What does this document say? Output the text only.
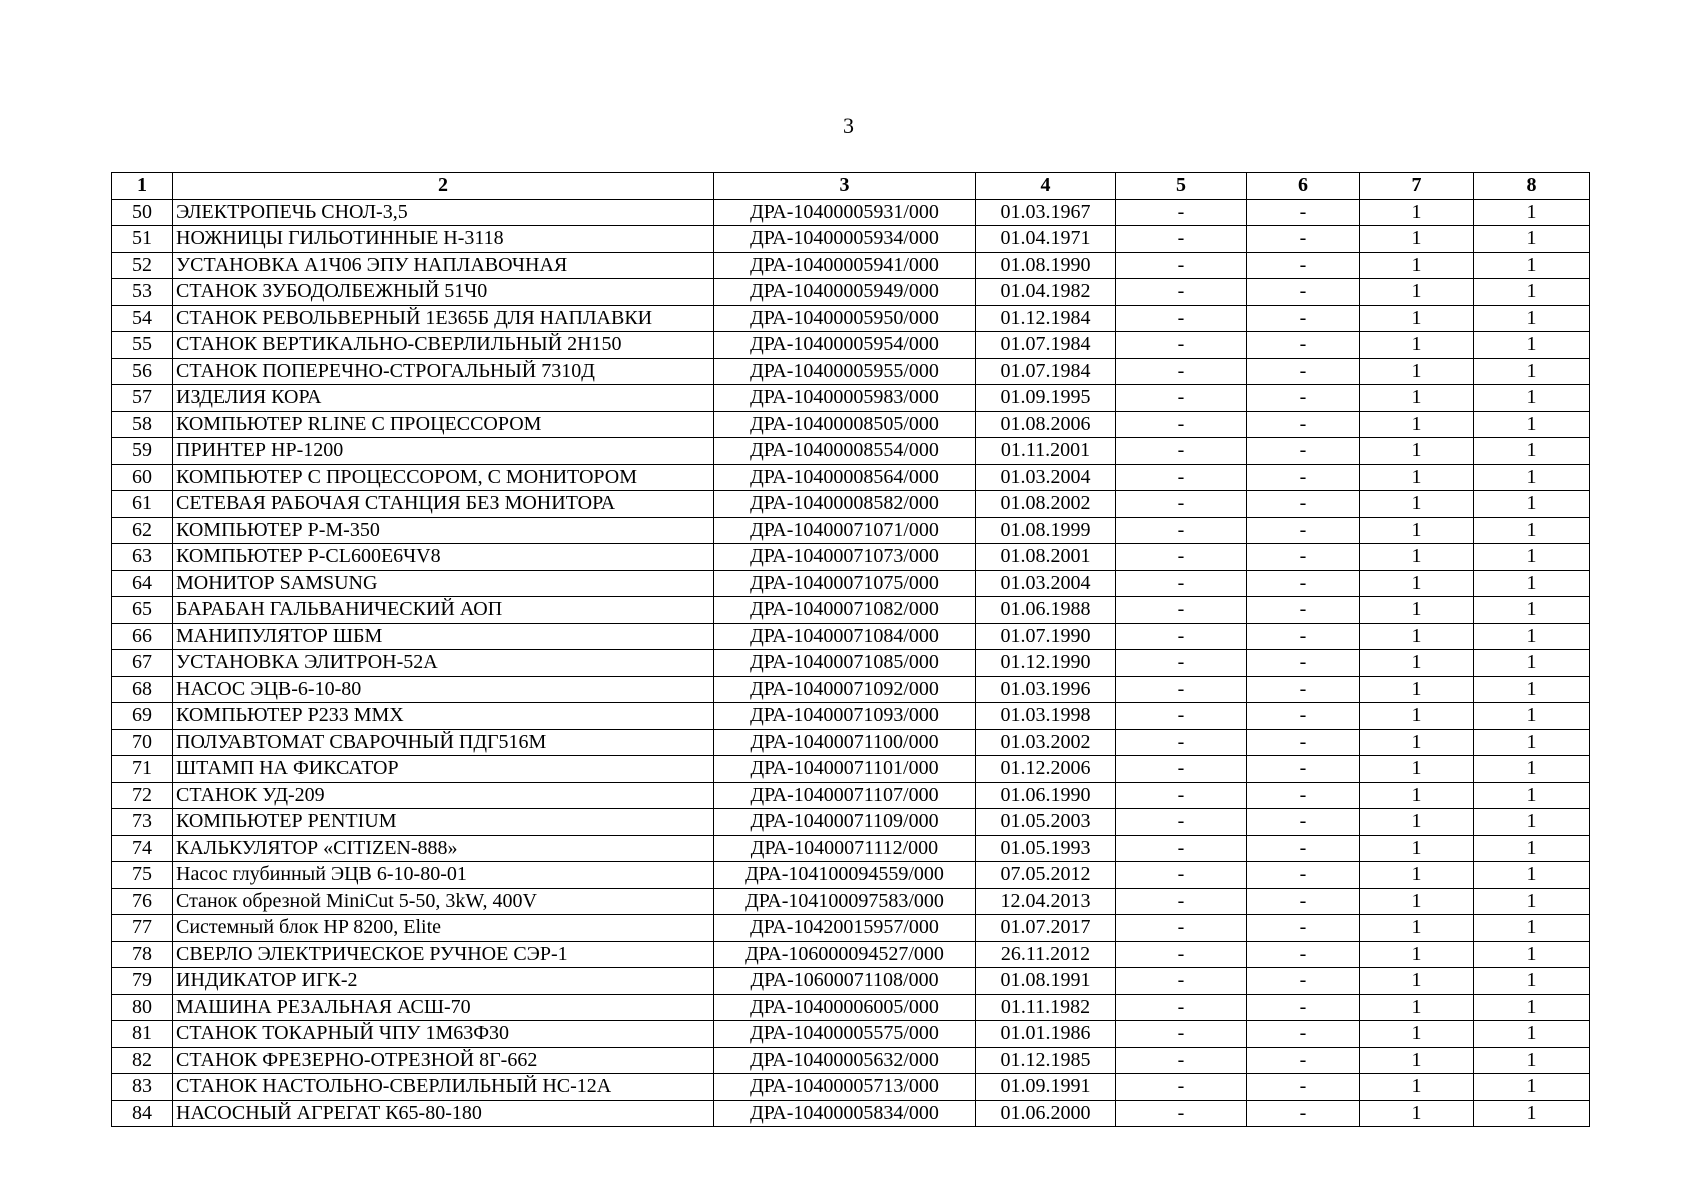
3
1	2	3	4	5	6	7	8
50	ЭЛЕКТРОПЕЧЬ СНОЛ-3,5	ДРА-10400005931/000	01.03.1967	-	-	1	1
51	НОЖНИЦЫ ГИЛЬОТИННЫЕ Н-3118	ДРА-10400005934/000	01.04.1971	-	-	1	1
52	УСТАНОВКА А1Ч06 ЭПУ НАПЛАВОЧНАЯ	ДРА-10400005941/000	01.08.1990	-	-	1	1
53	СТАНОК ЗУБОДОЛБЕЖНЫЙ 51Ч0	ДРА-10400005949/000	01.04.1982	-	-	1	1
54	СТАНОК РЕВОЛЬВЕРНЫЙ 1Е365Б ДЛЯ НАПЛАВКИ	ДРА-10400005950/000	01.12.1984	-	-	1	1
55	СТАНОК ВЕРТИКАЛЬНО-СВЕРЛИЛЬНЫЙ 2Н150	ДРА-10400005954/000	01.07.1984	-	-	1	1
56	СТАНОК ПОПЕРЕЧНО-СТРОГАЛЬНЫЙ 7310Д	ДРА-10400005955/000	01.07.1984	-	-	1	1
57	ИЗДЕЛИЯ КОРА	ДРА-10400005983/000	01.09.1995	-	-	1	1
58	КОМПЬЮТЕР RLINE С ПРОЦЕССОРОМ	ДРА-10400008505/000	01.08.2006	-	-	1	1
59	ПРИНТЕР НР-1200	ДРА-10400008554/000	01.11.2001	-	-	1	1
60	КОМПЬЮТЕР С ПРОЦЕССОРОМ, С МОНИТОРОМ	ДРА-10400008564/000	01.03.2004	-	-	1	1
61	СЕТЕВАЯ РАБОЧАЯ СТАНЦИЯ БЕЗ МОНИТОРА	ДРА-10400008582/000	01.08.2002	-	-	1	1
62	КОМПЬЮТЕР Р-М-350	ДРА-10400071071/000	01.08.1999	-	-	1	1
63	КОМПЬЮТЕР P-CL600E6ЧV8	ДРА-10400071073/000	01.08.2001	-	-	1	1
64	МОНИТОР SAMSUNG	ДРА-10400071075/000	01.03.2004	-	-	1	1
65	БАРАБАН ГАЛЬВАНИЧЕСКИЙ АОП	ДРА-10400071082/000	01.06.1988	-	-	1	1
66	МАНИПУЛЯТОР ШБМ	ДРА-10400071084/000	01.07.1990	-	-	1	1
67	УСТАНОВКА ЭЛИТРОН-52А	ДРА-10400071085/000	01.12.1990	-	-	1	1
68	НАСОС ЭЦВ-6-10-80	ДРА-10400071092/000	01.03.1996	-	-	1	1
69	КОМПЬЮТЕР Р233 ММХ	ДРА-10400071093/000	01.03.1998	-	-	1	1
70	ПОЛУАВТОМАТ СВАРОЧНЫЙ ПДГ516М	ДРА-10400071100/000	01.03.2002	-	-	1	1
71	ШТАМП НА ФИКСАТОР	ДРА-10400071101/000	01.12.2006	-	-	1	1
72	СТАНОК УД-209	ДРА-10400071107/000	01.06.1990	-	-	1	1
73	КОМПЬЮТЕР PENTIUM	ДРА-10400071109/000	01.05.2003	-	-	1	1
74	КАЛЬКУЛЯТОР «CITIZEN-888»	ДРА-10400071112/000	01.05.1993	-	-	1	1
75	Насос глубинный ЭЦВ 6-10-80-01	ДРА-104100094559/000	07.05.2012	-	-	1	1
76	Станок обрезной MiniCut 5-50, 3kW, 400V	ДРА-104100097583/000	12.04.2013	-	-	1	1
77	Системный блок HP 8200, Elite	ДРА-10420015957/000	01.07.2017	-	-	1	1
78	СВЕРЛО ЭЛЕКТРИЧЕСКОЕ РУЧНОЕ СЭР-1	ДРА-106000094527/000	26.11.2012	-	-	1	1
79	ИНДИКАТОР ИГК-2	ДРА-10600071108/000	01.08.1991	-	-	1	1
80	МАШИНА РЕЗАЛЬНАЯ АСШ-70	ДРА-10400006005/000	01.11.1982	-	-	1	1
81	СТАНОК ТОКАРНЫЙ ЧПУ 1М63Ф30	ДРА-10400005575/000	01.01.1986	-	-	1	1
82	СТАНОК ФРЕЗЕРНО-ОТРЕЗНОЙ 8Г-662	ДРА-10400005632/000	01.12.1985	-	-	1	1
83	СТАНОК НАСТОЛЬНО-СВЕРЛИЛЬНЫЙ НС-12А	ДРА-10400005713/000	01.09.1991	-	-	1	1
84	НАСОСНЫЙ АГРЕГАТ К65-80-180	ДРА-10400005834/000	01.06.2000	-	-	1	1
